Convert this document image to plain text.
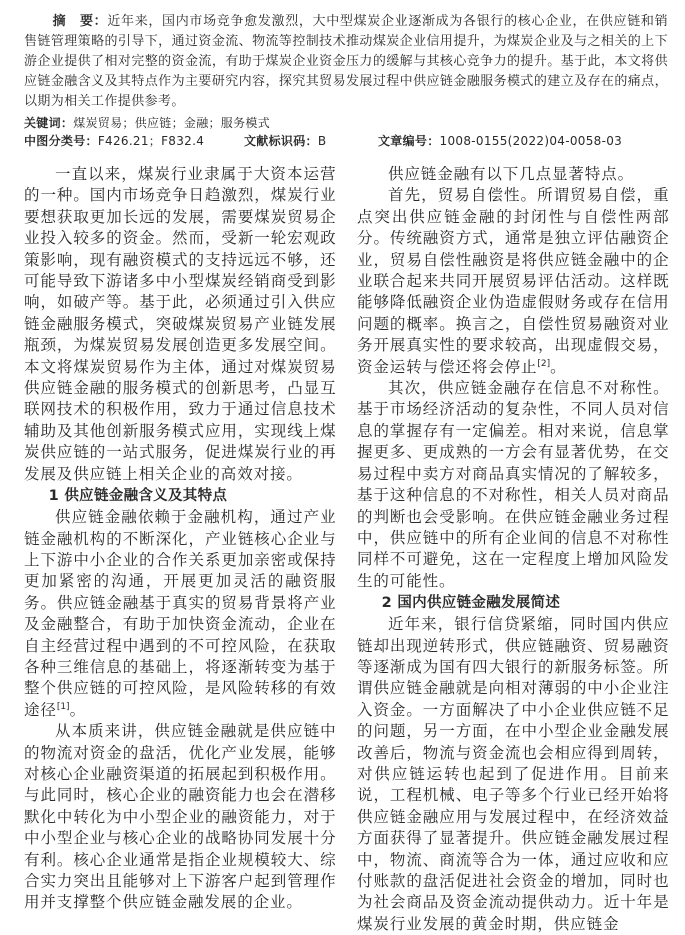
摘　要：近年来，国内市场竞争愈发激烈，大中型煤炭企业逐渐成为各银行的核心企业，在供应链和销售链管理策略的引导下，通过资金流、物流等控制技术推动煤炭企业信用提升，为煤炭企业及与之相关的上下游企业提供了相对完整的资金流，有助于煤炭企业资金压力的缓解与其核心竞争力的提升。基于此，本文将供应链金融含义及其特点作为主要研究内容，探究其贸易发展过程中供应链金融服务模式的建立及存在的痛点，以期为相关工作提供参考。
关键词：煤炭贸易；供应链；金融；服务模式
中图分类号：F426.21；F832.4	文献标识码：B	文章编号：1008-0155(2022)04-0058-03

一直以来，煤炭行业隶属于大资本运营的一种。国内市场竞争日趋激烈，煤炭行业要想获取更加长远的发展，需要煤炭贸易企业投入较多的资金。然而，受新一轮宏观政策影响，现有融资模式的支持远远不够，还可能导致下游诸多中小型煤炭经销商受到影响，如破产等。基于此，必须通过引入供应链金融服务模式，突破煤炭贸易产业链发展瓶颈，为煤炭贸易发展创造更多发展空间。本文将煤炭贸易作为主体，通过对煤炭贸易供应链金融的服务模式的创新思考，凸显互联网技术的积极作用，致力于通过信息技术辅助及其他创新服务模式应用，实现线上煤炭供应链的一站式服务，促进煤炭行业的再发展及供应链上相关企业的高效对接。

1 供应链金融含义及其特点

供应链金融依赖于金融机构，通过产业链金融机构的不断深化，产业链核心企业与上下游中小企业的合作关系更加亲密或保持更加紧密的沟通，开展更加灵活的融资服务。供应链金融基于真实的贸易背景将产业及金融整合，有助于加快资金流动，企业在自主经营过程中遇到的不可控风险，在获取各种三维信息的基础上，将逐渐转变为基于整个供应链的可控风险，是风险转移的有效途径[1]。

从本质来讲，供应链金融就是供应链中的物流对资金的盘活，优化产业发展，能够对核心企业融资渠道的拓展起到积极作用。与此同时，核心企业的融资能力也会在潜移默化中转化为中小型企业的融资能力，对于中小型企业与核心企业的战略协同发展十分有利。核心企业通常是指企业规模较大、综合实力突出且能够对上下游客户起到管理作用并支撑整个供应链金融发展的企业。

供应链金融有以下几点显著特点。

首先，贸易自偿性。所谓贸易自偿，重点突出供应链金融的封闭性与自偿性两部分。传统融资方式，通常是独立评估融资企业，贸易自偿性融资是将供应链金融中的企业联合起来共同开展贸易评估活动。这样既能够降低融资企业伪造虚假财务或存在信用问题的概率。换言之，自偿性贸易融资对业务开展真实性的要求较高，出现虚假交易，资金运转与偿还将会停止[2]。

其次，供应链金融存在信息不对称性。基于市场经济活动的复杂性，不同人员对信息的掌握存有一定偏差。相对来说，信息掌握更多、更成熟的一方会有显著优势，在交易过程中卖方对商品真实情况的了解较多，基于这种信息的不对称性，相关人员对商品的判断也会受影响。在供应链金融业务过程中，供应链中的所有企业间的信息不对称性同样不可避免，这在一定程度上增加风险发生的可能性。

2 国内供应链金融发展简述

近年来，银行信贷紧缩，同时国内供应链却出现逆转形式，供应链融资、贸易融资等逐渐成为国有四大银行的新服务标签。所谓供应链金融就是向相对薄弱的中小企业注入资金。一方面解决了中小企业供应链不足的问题，另一方面，在中小型企业金融发展改善后，物流与资金流也会相应得到周转，对供应链运转也起到了促进作用。目前来说，工程机械、电子等多个行业已经开始将供应链金融应用与发展过程中，在经济效益方面获得了显著提升。供应链金融发展过程中，物流、商流等合为一体，通过应收和应付账款的盘活促进社会资金的增加，同时也为社会商品及资金流动提供动力。近十年是煤炭行业发展的黄金时期，供应链金
